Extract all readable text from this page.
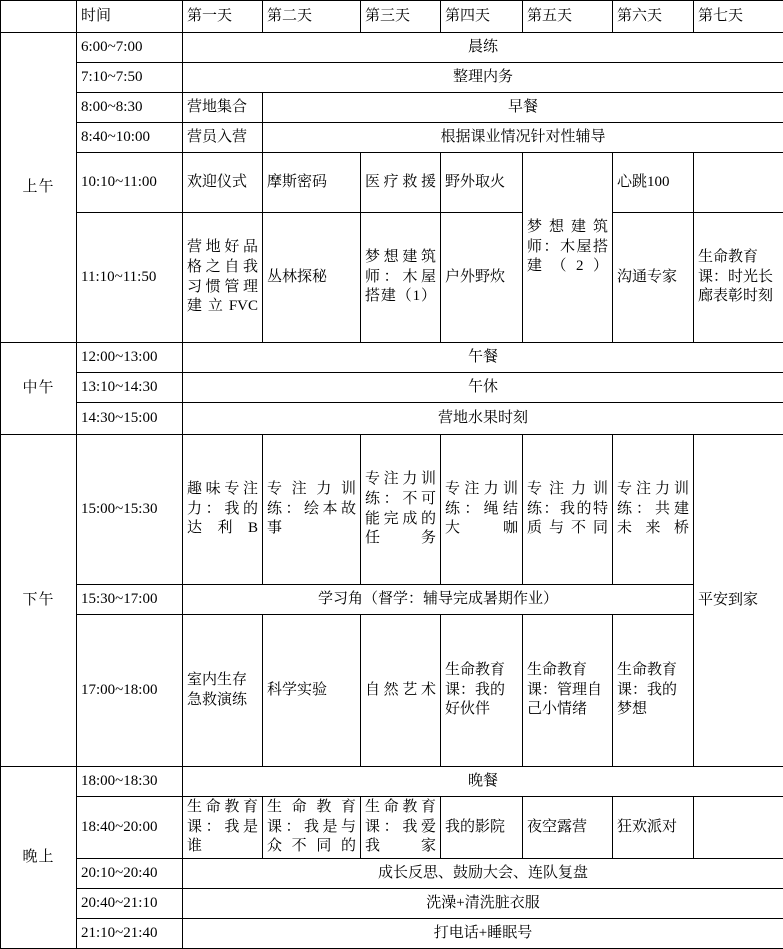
	时间	第一天	第二天	第三天	第四天	第五天	第六天	第七天
上午	6:00~7:00	晨练						
	7:10~7:50	整理内务						
	8:00~8:30	营地集合	早餐					
	8:40~10:00	营员入营	根据课业情况针对性辅导					
	10:10~11:00	欢迎仪式	摩斯密码	医疗救援	野外取火	梦想建筑师：木屋搭建（2）	心跳100	
	11:10~11:50	营地好品格之自我习惯管理建立FVC	丛林探秘	梦想建筑师：木屋搭建（1）	户外野炊		沟通专家	生命教育课：时光长廊表彰时刻
中午	12:00~13:00	午餐						
	13:10~14:30	午休						
	14:30~15:00	营地水果时刻						
下午	15:00~15:30	趣味专注力：我的达利B	专注力训练：绘本故事	专注力训练：不可能完成的任务	专注力训练：绳结大咖	专注力训练：我的特质与不同	专注力训练：共建未来桥	平安到家
	15:30~17:00	学习角（督学：辅导完成暑期作业）						
	17:00~18:00	室内生存急救演练	科学实验	自然艺术	生命教育课：我的好伙伴	生命教育课：管理自己小情绪	生命教育课：我的梦想	
晚上	18:00~18:30	晚餐						
	18:40~20:00	生命教育课：我是谁	生命教育课：我是与众不同的	生命教育课：我爱我家	我的影院	夜空露营	狂欢派对	
	20:10~20:40	成长反思、鼓励大会、连队复盘						
	20:40~21:10	洗澡+清洗脏衣服						
	21:10~21:40	打电话+睡眠号						
